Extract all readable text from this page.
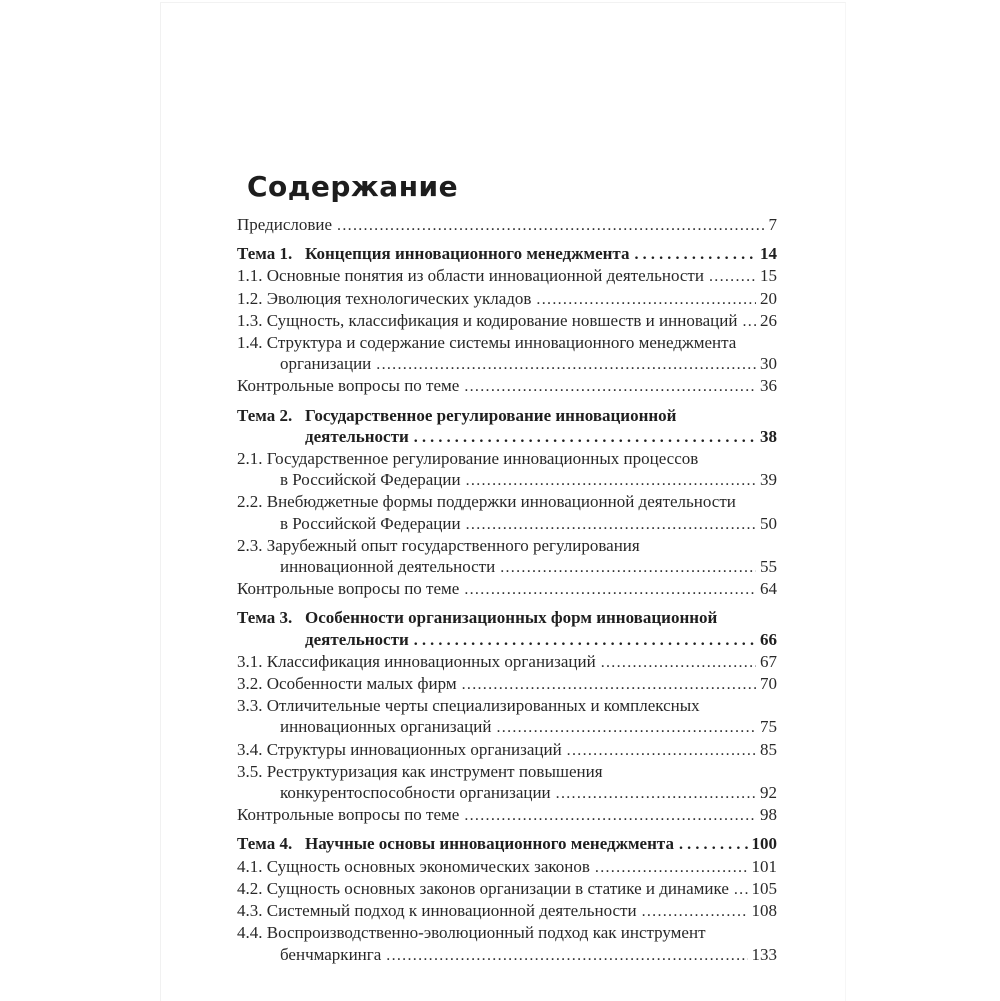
Содержание
Предисловие .....	7
Тема 1. Концепция инновационного менеджмента .....	14
1.1. Основные понятия из области инновационной деятельности .....	15
1.2. Эволюция технологических укладов .....	20
1.3. Сущность, классификация и кодирование новшеств и инноваций ..... 26
1.4. Структура и содержание системы инновационного менеджмента
организации .....	30
Контрольные вопросы по теме .....	36
Тема 2. Государственное регулирование инновационной
деятельности .....	38
2.1. Государственное регулирование инновационных процессов
в Российской Федерации .....	39
2.2. Внебюджетные формы поддержки инновационной деятельности
в Российской Федерации .....	50
2.3. Зарубежный опыт государственного регулирования
инновационной деятельности .....	55
Контрольные вопросы по теме .....	64
Тема 3. Особенности организационных форм инновационной
деятельности .....	66
3.1. Классификация инновационных организаций .....	67
3.2. Особенности малых фирм .....	70
3.3. Отличительные черты специализированных и комплексных
инновационных организаций .....	75
3.4. Структуры инновационных организаций .....	85
3.5. Реструктуризация как инструмент повышения
конкурентоспособности организации .....	92
Контрольные вопросы по теме .....	98
Тема 4. Научные основы инновационного менеджмента .....	100
4.1. Сущность основных экономических законов .....	101
4.2. Сущность основных законов организации в статике и динамике ..... 105
4.3. Системный подход к инновационной деятельности .....	108
4.4. Воспроизводственно-эволюционный подход как инструмент
бенчмаркинга .....	133
